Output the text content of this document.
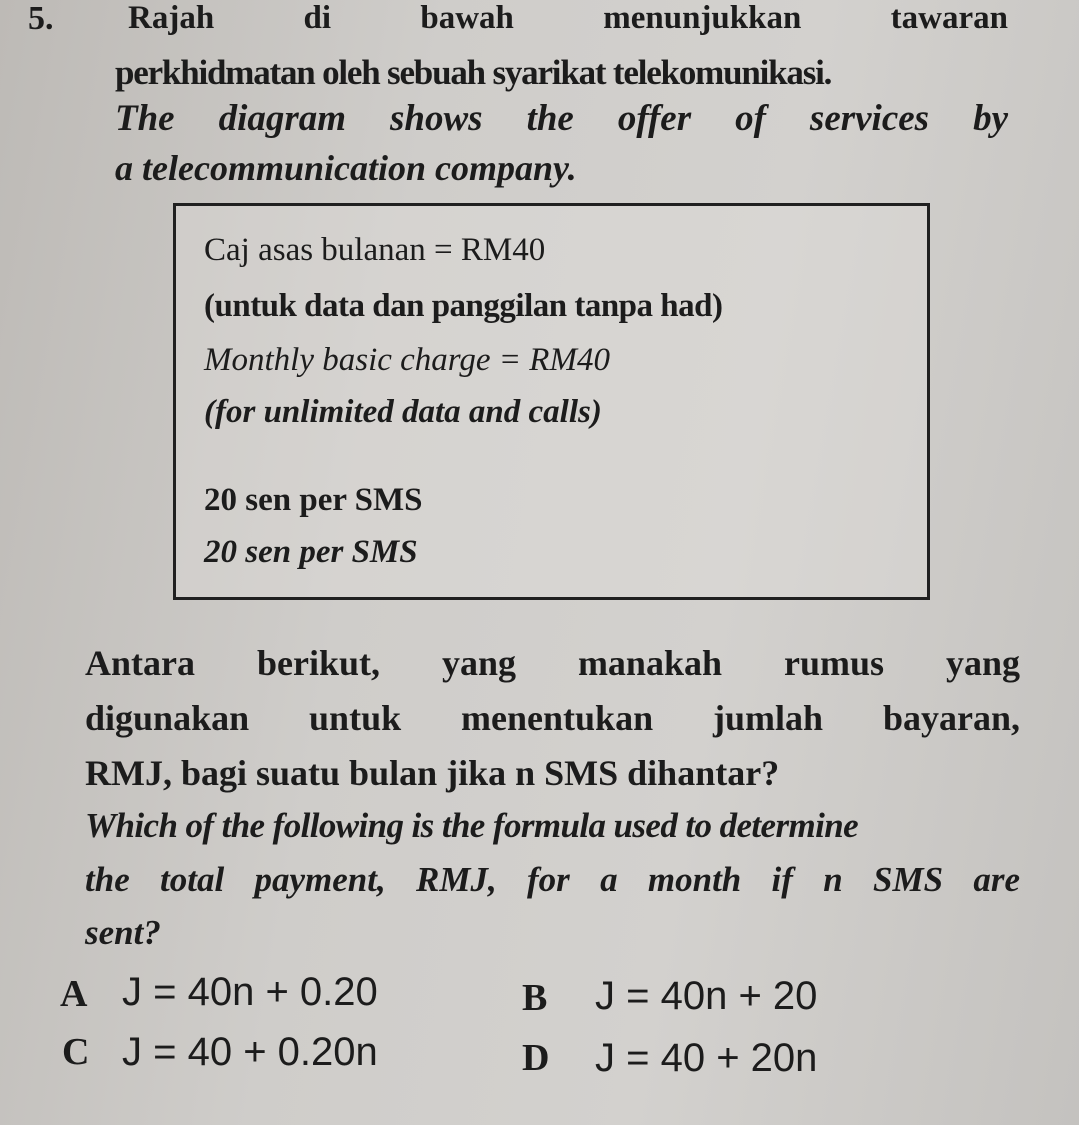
5. Rajah di bawah menunjukkan tawaran
perkhidmatan oleh sebuah syarikat telekomunikasi.
The diagram shows the offer of services by
a telecommunication company.
Caj asas bulanan = RM40
(untuk data dan panggilan tanpa had)
Monthly basic charge = RM40
(for unlimited data and calls)
20 sen per SMS
20 sen per SMS
Antara berikut, yang manakah rumus yang
digunakan untuk menentukan jumlah bayaran,
RMJ, bagi suatu bulan jika n SMS dihantar?
Which of the following is the formula used to determine
the total payment, RMJ, for a month if n SMS are
sent?
A J = 40n + 0.20	B J = 40n + 20
C J = 40 + 0.20n	D J = 40 + 20n
